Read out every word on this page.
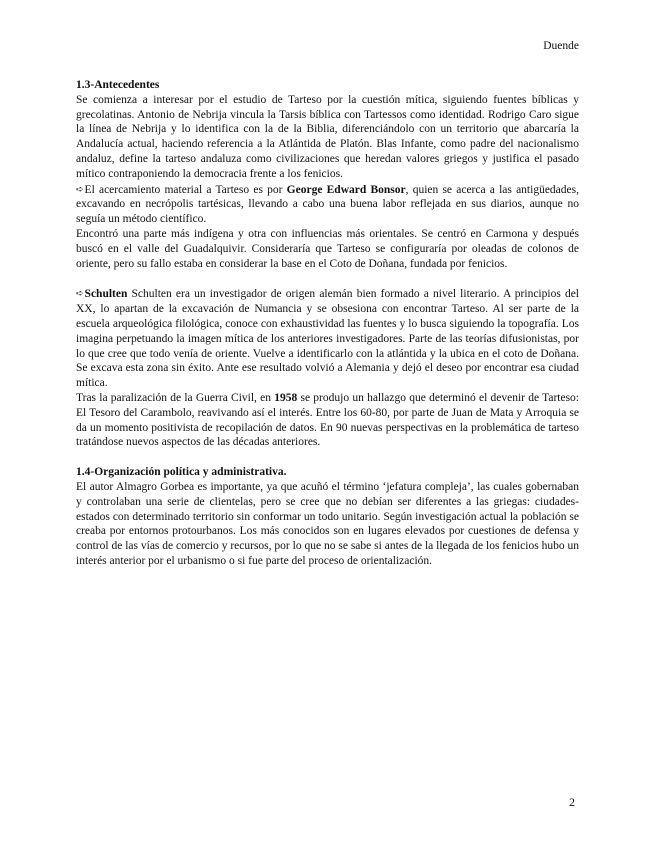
Duende

1.3-Antecedentes

Se comienza a interesar por el estudio de Tarteso por la cuestión mítica, siguiendo fuentes bíblicas y grecolatinas. Antonio de Nebrija vincula la Tarsis bíblica con Tartessos como identidad. Rodrigo Caro sigue la línea de Nebrija y lo identifica con la de la Biblia, diferenciándolo con un territorio que abarcaría la Andalucía actual, haciendo referencia a la Atlántida de Platón. Blas Infante, como padre del nacionalismo andaluz, define la tarteso andaluza como civilizaciones que heredan valores griegos y justifica el pasado mítico contraponiendo la democracia frente a los fenicios.

➪El acercamiento material a Tarteso es por George Edward Bonsor, quien se acerca a las antigüedades, excavando en necrópolis tartésicas, llevando a cabo una buena labor reflejada en sus diarios, aunque no seguía un método científico.

Encontró una parte más indígena y otra con influencias más orientales. Se centró en Carmona y después buscó en el valle del Guadalquivir. Consideraría que Tarteso se configuraría por oleadas de colonos de oriente, pero su fallo estaba en considerar la base en el Coto de Doñana, fundada por fenicios.

➪Schulten Schulten era un investigador de origen alemán bien formado a nivel literario. A principios del XX, lo apartan de la excavación de Numancia y se obsesiona con encontrar Tarteso. Al ser parte de la escuela arqueológica filológica, conoce con exhaustividad las fuentes y lo busca siguiendo la topografía. Los imagina perpetuando la imagen mítica de los anteriores investigadores. Parte de las teorías difusionistas, por lo que cree que todo venía de oriente. Vuelve a identificarlo con la atlántida y la ubica en el coto de Doñana. Se excava esta zona sin éxito. Ante ese resultado volvió a Alemania y dejó el deseo por encontrar esa ciudad mítica.

Tras la paralización de la Guerra Civil, en 1958 se produjo un hallazgo que determinó el devenir de Tarteso: El Tesoro del Carambolo, reavivando así el interés. Entre los 60-80, por parte de Juan de Mata y Arroquia se da un momento positivista de recopilación de datos. En 90 nuevas perspectivas en la problemática de tarteso tratándose nuevos aspectos de las décadas anteriores.

1.4-Organización política y administrativa.

El autor Almagro Gorbea es importante, ya que acuñó el término ‘jefatura compleja’, las cuales gobernaban y controlaban una serie de clientelas, pero se cree que no debían ser diferentes a las griegas: ciudades-estados con determinado territorio sin conformar un todo unitario. Según investigación actual la población se creaba por entornos protourbanos. Los más conocidos son en lugares elevados por cuestiones de defensa y control de las vías de comercio y recursos, por lo que no se sabe si antes de la llegada de los fenicios hubo un interés anterior por el urbanismo o si fue parte del proceso de orientalización.

2
